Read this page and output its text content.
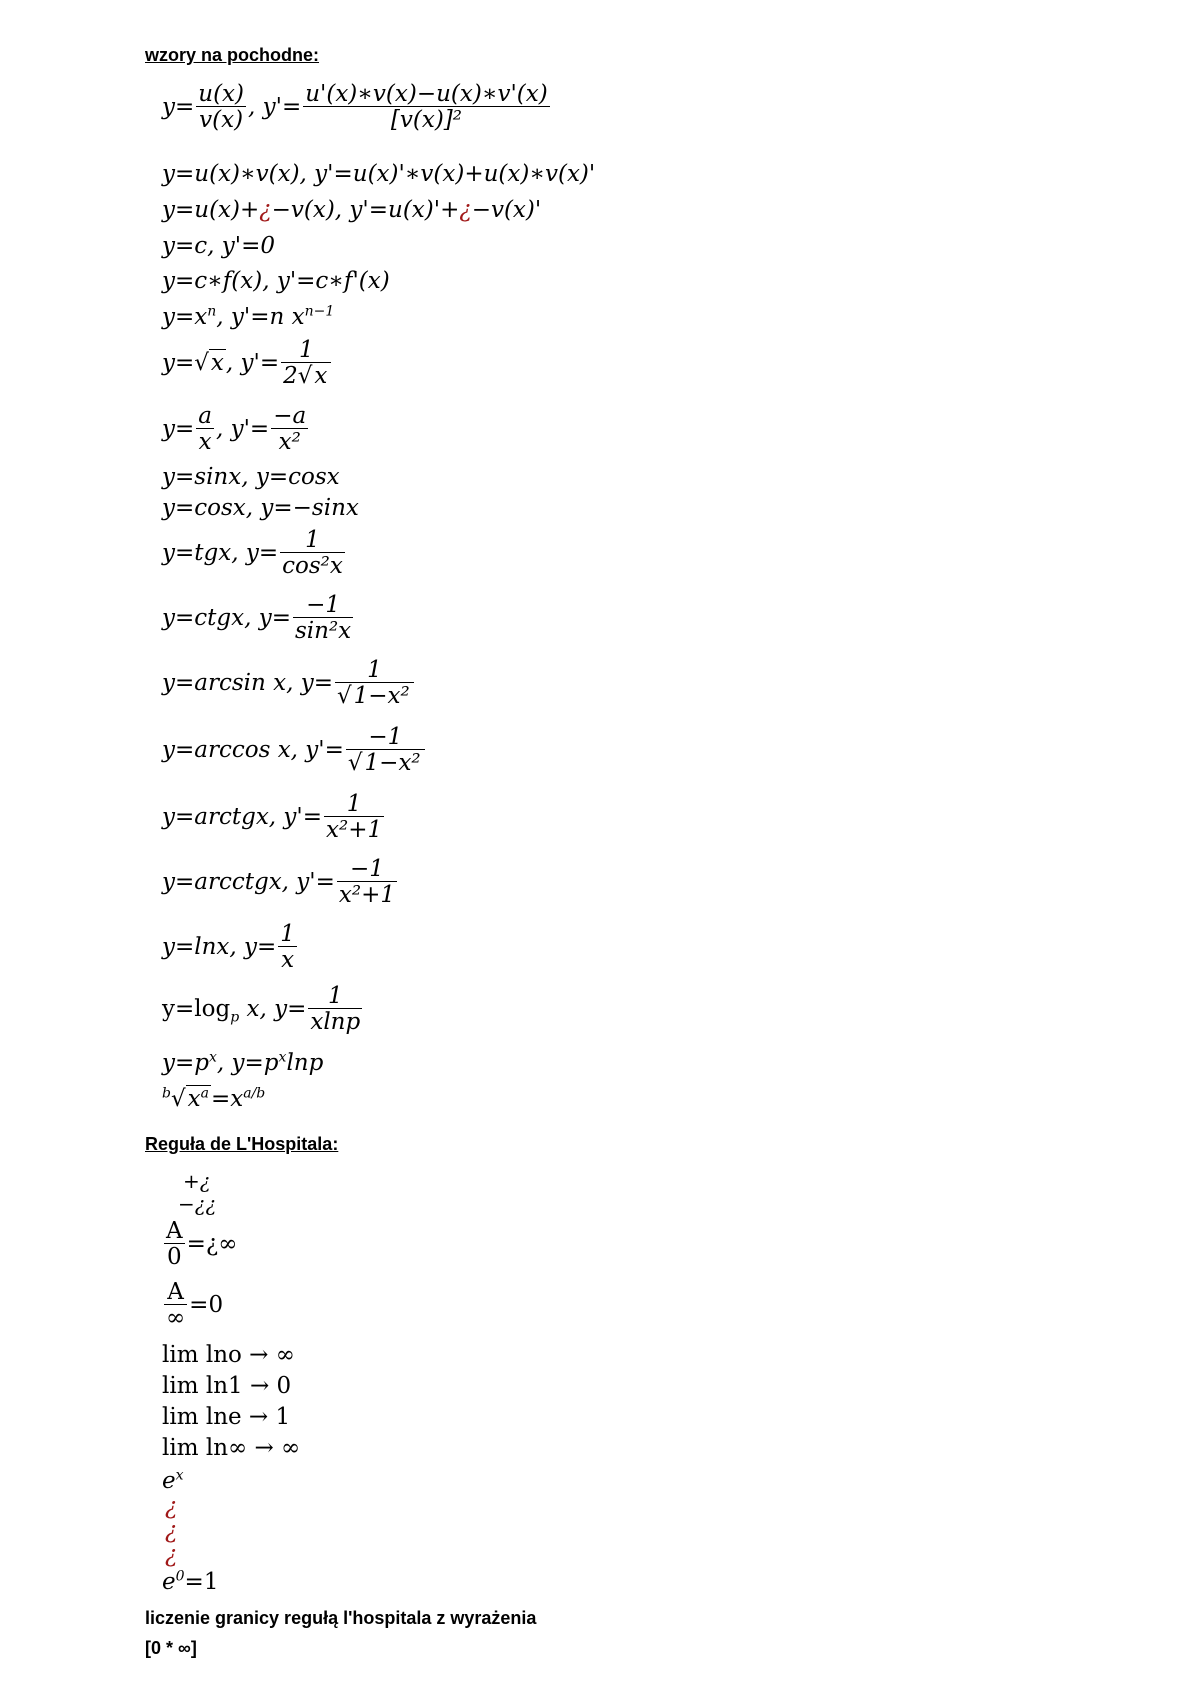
wzory na pochodne:
$y= \frac{u(x)}{v(x)}$ , $y'= \frac{u'(x)∗v(x)-u(x)∗v'(x)}{\text{[v(x)]²}}$
y=u(x)∗v(x), y'=u(x)'∗v(x)+u(x)∗v(x)'
y=u(x)+¿−v(x), y'=u(x)'+¿−v(x)'
y=c, y'=0
y=c∗f(x), y'=c∗f'(x)
$y=x^n$, y'=n $x^{n-1}$
y=√x, $y'= \frac{1}{2√x}$
$y= \frac{a}{x}$ , $y'= \frac{-a}{\text{x²}}$
y=sinx, y=cosx
y=cosx, y=−sinx
y=tgx, $y= \frac{1}{\text{cos²x}}$
y=ctgx, $y= \frac{-1}{\text{sin²x}}$
y=arcsin x, $y= \frac{1}{\text{√1−x²}}$
y=arccos x, $y'= \frac{-1}{\text{√1−x²}}$
y=arctgx, $y'= \frac{1}{\text{x²+1}}$
y=arcctgx, $y'= \frac{-1}{\text{x²+1}}$
y=lnx, $y= \frac{1}{x}$
$y=\log_p$ x, $y= \frac{1}{xlnp}$
$y=p^x$, $y=p^x\ln p$
$^b√x^a=x^{a/b}$
Reguła de L'Hospitala:
+¿
−¿¿
$\frac{A}{0}$ =¿∞
$\frac{A}{\infty} =0$
lim lno → ∞
lim ln1 → 0
lim lne → 1
lim ln∞ → ∞
$e^x$
¿
¿
¿
$e^0=1$
liczenie granicy regułą l'hospitala z wyrażenia
[0 * ∞]
